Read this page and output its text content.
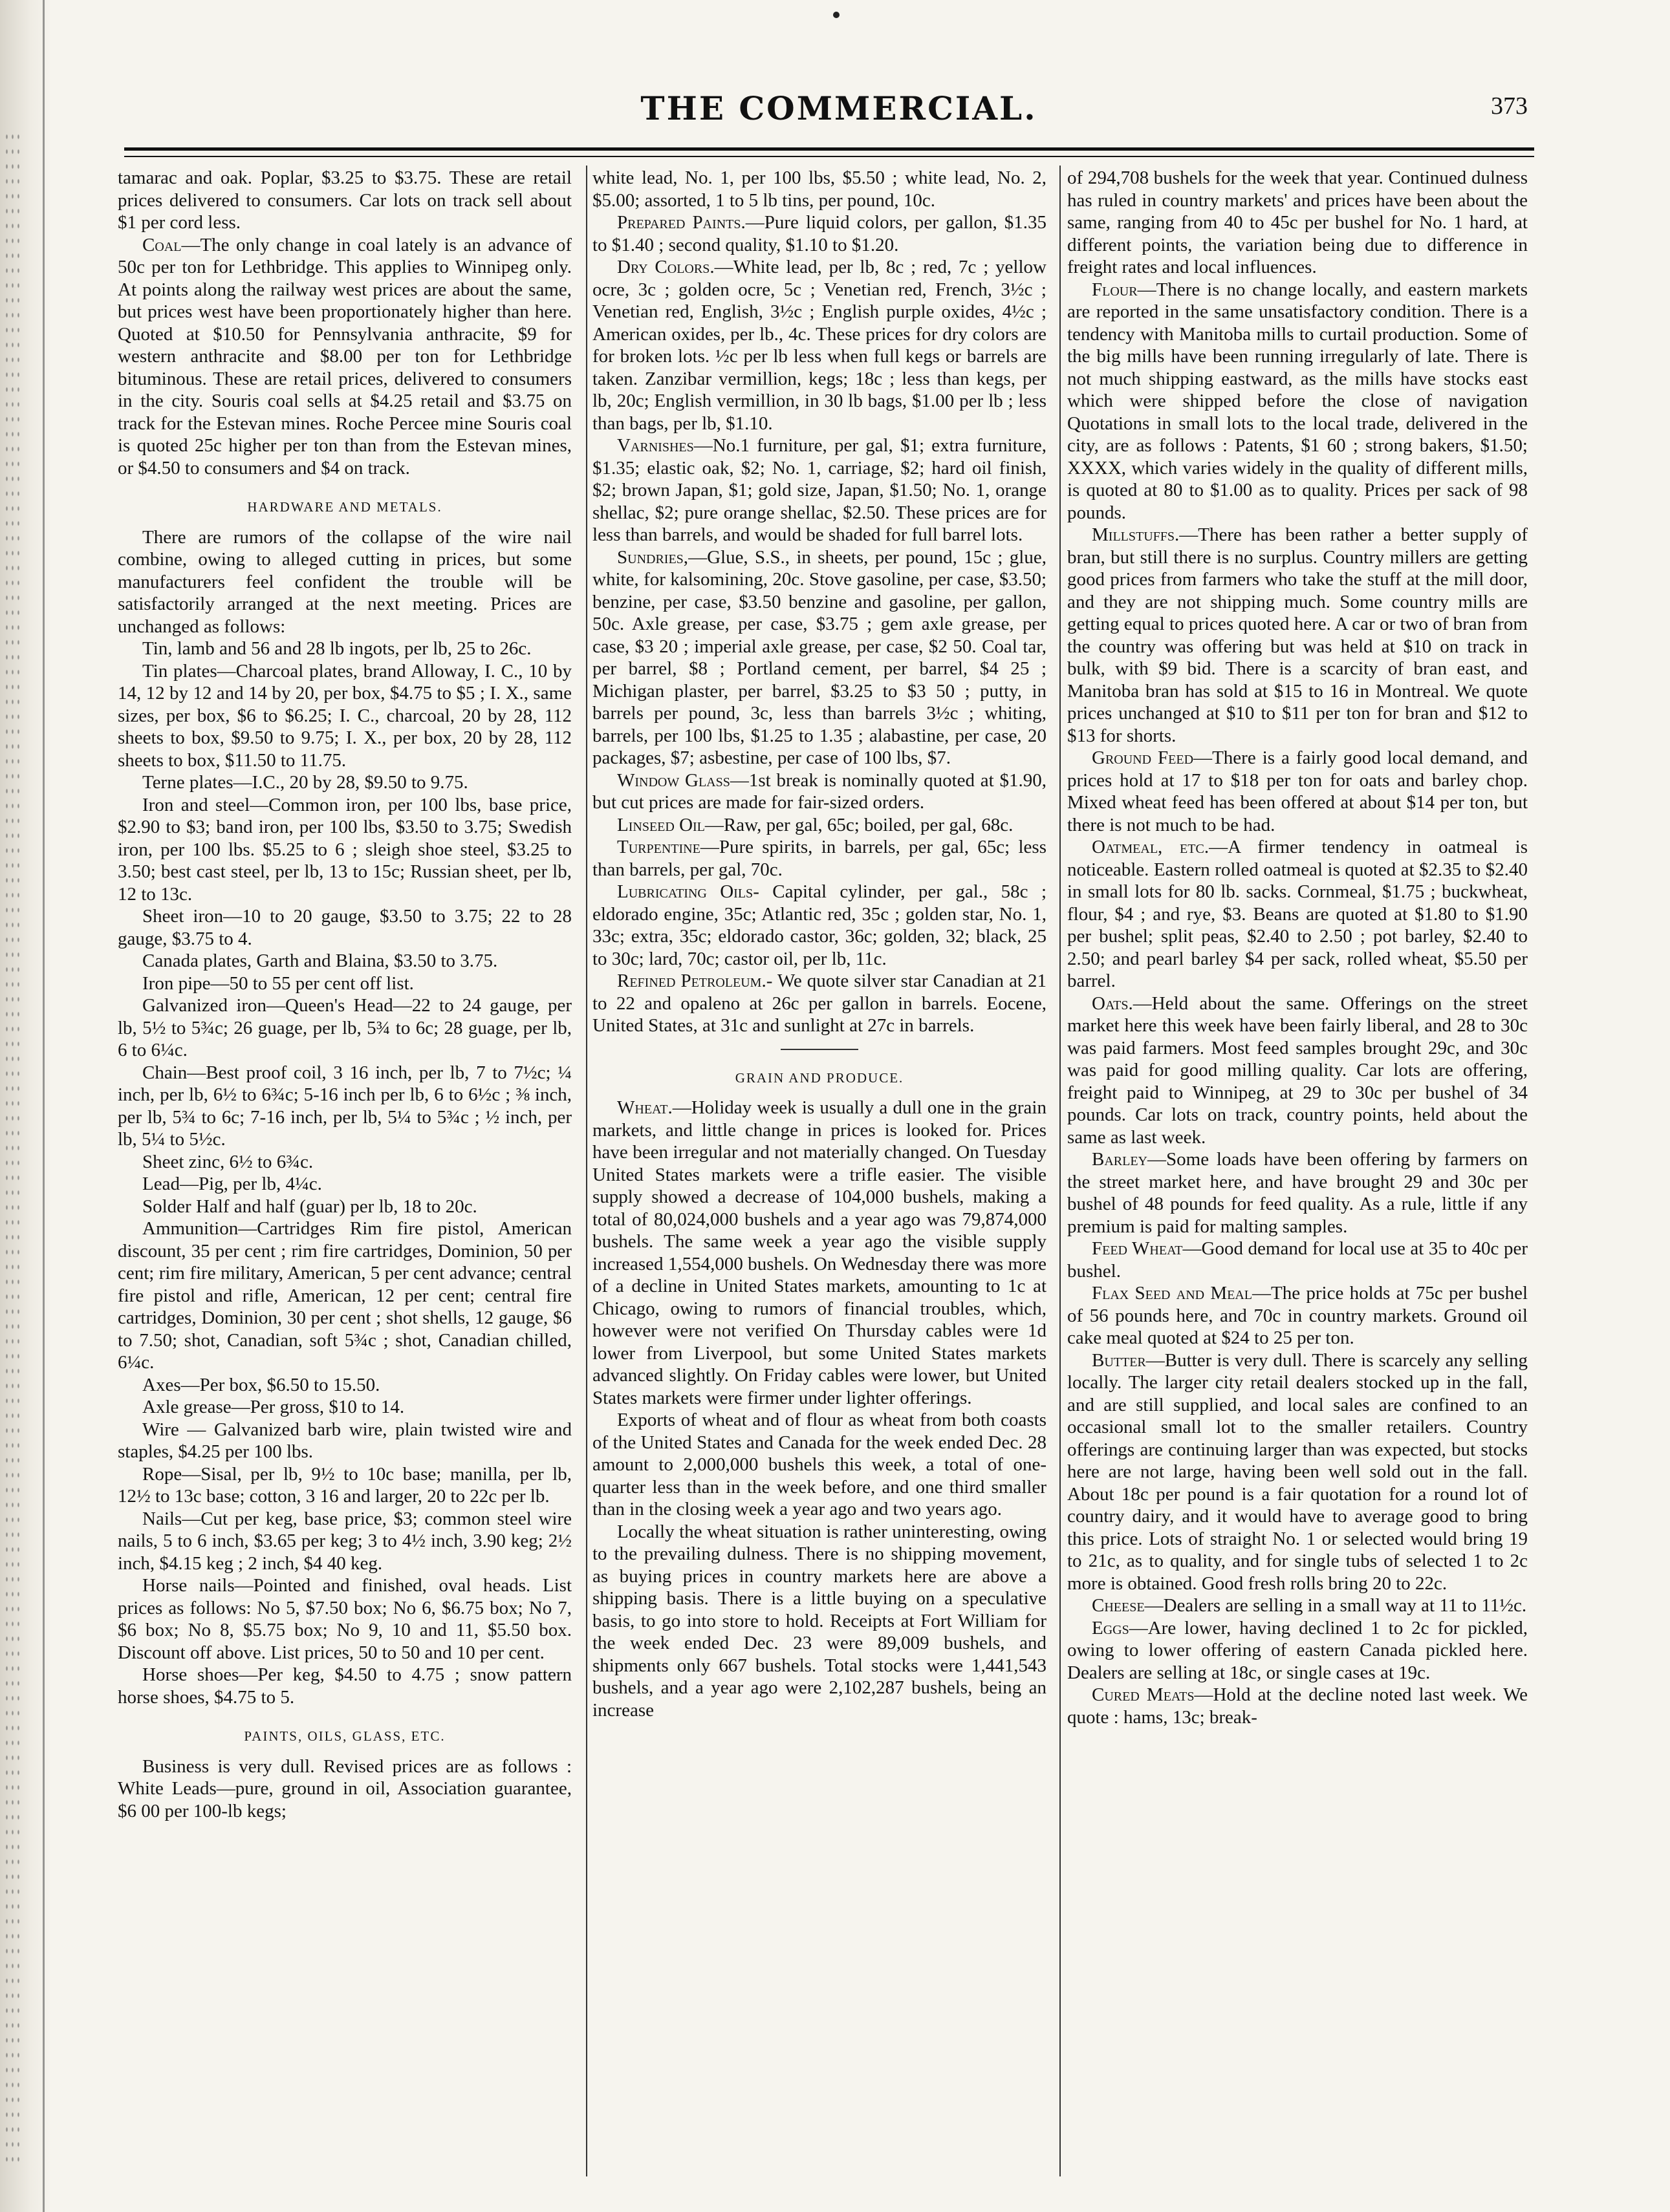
THE COMMERCIAL.	373

tamarac and oak. Poplar, $3.25 to $3.75. These are retail prices delivered to consumers. Car lots on track sell about $1 per cord less.

Coal—The only change in coal lately is an advance of 50c per ton for Lethbridge. This applies to Winnipeg only. At points along the railway west prices are about the same, but prices west have been proportionately higher than here. Quoted at $10.50 for Pennsylvania anthracite, $9 for western anthracite and $8.00 per ton for Lethbridge bituminous. These are retail prices, delivered to consumers in the city. Souris coal sells at $4.25 retail and $3.75 on track for the Estevan mines. Roche Percee mine Souris coal is quoted 25c higher per ton than from the Estevan mines, or $4.50 to consumers and $4 on track.

HARDWARE AND METALS.

There are rumors of the collapse of the wire nail combine, owing to alleged cutting in prices, but some manufacturers feel confident the trouble will be satisfactorily arranged at the next meeting. Prices are unchanged as follows:

Tin, lamb and 56 and 28 lb ingots, per lb, 25 to 26c.

Tin plates—Charcoal plates, brand Alloway, I. C., 10 by 14, 12 by 12 and 14 by 20, per box, $4.75 to $5 ; I. X., same sizes, per box, $6 to $6.25; I. C., charcoal, 20 by 28, 112 sheets to box, $9.50 to 9.75; I. X., per box, 20 by 28, 112 sheets to box, $11.50 to 11.75.

Terne plates—I.C., 20 by 28, $9.50 to 9.75.

Iron and steel—Common iron, per 100 lbs, base price, $2.90 to $3; band iron, per 100 lbs, $3.50 to 3.75; Swedish iron, per 100 lbs. $5.25 to 6 ; sleigh shoe steel, $3.25 to 3.50; best cast steel, per lb, 13 to 15c; Russian sheet, per lb, 12 to 13c.

Sheet iron—10 to 20 gauge, $3.50 to 3.75; 22 to 28 gauge, $3.75 to 4.

Canada plates, Garth and Blaina, $3.50 to 3.75.

Iron pipe—50 to 55 per cent off list.

Galvanized iron—Queen's Head—22 to 24 gauge, per lb, 5½ to 5¾c; 26 guage, per lb, 5¾ to 6c; 28 guage, per lb, 6 to 6¼c.

Chain—Best proof coil, 3 16 inch, per lb, 7 to 7½c; ¼ inch, per lb, 6½ to 6¾c; 5-16 inch per lb, 6 to 6½c ; ⅜ inch, per lb, 5¾ to 6c; 7-16 inch, per lb, 5¼ to 5¾c ; ½ inch, per lb, 5¼ to 5½c.

Sheet zinc, 6½ to 6¾c.

Lead—Pig, per lb, 4¼c.

Solder Half and half (guar) per lb, 18 to 20c.

Ammunition—Cartridges Rim fire pistol, American discount, 35 per cent ; rim fire cartridges, Dominion, 50 per cent; rim fire military, American, 5 per cent advance; central fire pistol and rifle, American, 12 per cent; central fire cartridges, Dominion, 30 per cent ; shot shells, 12 gauge, $6 to 7.50; shot, Canadian, soft 5¾c ; shot, Canadian chilled, 6¼c.

Axes—Per box, $6.50 to 15.50.

Axle grease—Per gross, $10 to 14.

Wire — Galvanized barb wire, plain twisted wire and staples, $4.25 per 100 lbs.

Rope—Sisal, per lb, 9½ to 10c base; manilla, per lb, 12½ to 13c base; cotton, 3 16 and larger, 20 to 22c per lb.

Nails—Cut per keg, base price, $3; common steel wire nails, 5 to 6 inch, $3.65 per keg; 3 to 4½ inch, 3.90 keg; 2½ inch, $4.15 keg ; 2 inch, $4 40 keg.

Horse nails—Pointed and finished, oval heads. List prices as follows: No 5, $7.50 box; No 6, $6.75 box; No 7, $6 box; No 8, $5.75 box; No 9, 10 and 11, $5.50 box. Discount off above. List prices, 50 to 50 and 10 per cent.

Horse shoes—Per keg, $4.50 to 4.75 ; snow pattern horse shoes, $4.75 to 5.

PAINTS, OILS, GLASS, ETC.

Business is very dull. Revised prices are as follows : White Leads—pure, ground in oil, Association guarantee, $6 00 per 100-lb kegs;

white lead, No. 1, per 100 lbs, $5.50 ; white lead, No. 2, $5.00; assorted, 1 to 5 lb tins, per pound, 10c.

Prepared Paints.—Pure liquid colors, per gallon, $1.35 to $1.40 ; second quality, $1.10 to $1.20.

Dry Colors.—White lead, per lb, 8c ; red, 7c ; yellow ocre, 3c ; golden ocre, 5c ; Venetian red, French, 3½c ; Venetian red, English, 3½c ; English purple oxides, 4½c ; American oxides, per lb., 4c. These prices for dry colors are for broken lots. ½c per lb less when full kegs or barrels are taken. Zanzibar vermillion, kegs; 18c ; less than kegs, per lb, 20c; English vermillion, in 30 lb bags, $1.00 per lb ; less than bags, per lb, $1.10.

Varnishes—No.1 furniture, per gal, $1; extra furniture, $1.35; elastic oak, $2; No. 1, carriage, $2; hard oil finish, $2; brown Japan, $1; gold size, Japan, $1.50; No. 1, orange shellac, $2; pure orange shellac, $2.50. These prices are for less than barrels, and would be shaded for full barrel lots.

Sundries,—Glue, S.S., in sheets, per pound, 15c ; glue, white, for kalsomining, 20c. Stove gasoline, per case, $3.50; benzine, per case, $3.50 benzine and gasoline, per gallon, 50c. Axle grease, per case, $3.75 ; gem axle grease, per case, $3 20 ; imperial axle grease, per case, $2 50. Coal tar, per barrel, $8 ; Portland cement, per barrel, $4 25 ; Michigan plaster, per barrel, $3.25 to $3 50 ; putty, in barrels per pound, 3c, less than barrels 3½c ; whiting, barrels, per 100 lbs, $1.25 to 1.35 ; alabastine, per case, 20 packages, $7; asbestine, per case of 100 lbs, $7.

Window Glass—1st break is nominally quoted at $1.90, but cut prices are made for fair-sized orders.

Linseed Oil—Raw, per gal, 65c; boiled, per gal, 68c.

Turpentine—Pure spirits, in barrels, per gal, 65c; less than barrels, per gal, 70c.

Lubricating Oils- Capital cylinder, per gal., 58c ; eldorado engine, 35c; Atlantic red, 35c ; golden star, No. 1, 33c; extra, 35c; eldorado castor, 36c; golden, 32; black, 25 to 30c; lard, 70c; castor oil, per lb, 11c.

Refined Petroleum.- We quote silver star Canadian at 21 to 22 and opaleno at 26c per gallon in barrels. Eocene, United States, at 31c and sunlight at 27c in barrels.

GRAIN AND PRODUCE.

Wheat.—Holiday week is usually a dull one in the grain markets, and little change in prices is looked for. Prices have been irregular and not materially changed. On Tuesday United States markets were a trifle easier. The visible supply showed a decrease of 104,000 bushels, making a total of 80,024,000 bushels and a year ago was 79,874,000 bushels. The same week a year ago the visible supply increased 1,554,000 bushels. On Wednesday there was more of a decline in United States markets, amounting to 1c at Chicago, owing to rumors of financial troubles, which, however were not verified On Thursday cables were 1d lower from Liverpool, but some United States markets advanced slightly. On Friday cables were lower, but United States markets were firmer under lighter offerings.

Exports of wheat and of flour as wheat from both coasts of the United States and Canada for the week ended Dec. 28 amount to 2,000,000 bushels this week, a total of one-quarter less than in the week before, and one third smaller than in the closing week a year ago and two years ago.

Locally the wheat situation is rather uninteresting, owing to the prevailing dulness. There is no shipping movement, as buying prices in country markets here are above a shipping basis. There is a little buying on a speculative basis, to go into store to hold. Receipts at Fort William for the week ended Dec. 23 were 89,009 bushels, and shipments only 667 bushels. Total stocks were 1,441,543 bushels, and a year ago were 2,102,287 bushels, being an increase

of 294,708 bushels for the week that year. Continued dulness has ruled in country markets' and prices have been about the same, ranging from 40 to 45c per bushel for No. 1 hard, at different points, the variation being due to difference in freight rates and local influences.

Flour—There is no change locally, and eastern markets are reported in the same unsatisfactory condition. There is a tendency with Manitoba mills to curtail production. Some of the big mills have been running irregularly of late. There is not much shipping eastward, as the mills have stocks east which were shipped before the close of navigation Quotations in small lots to the local trade, delivered in the city, are as follows : Patents, $1 60 ; strong bakers, $1.50; XXXX, which varies widely in the quality of different mills, is quoted at 80 to $1.00 as to quality. Prices per sack of 98 pounds.

Millstuffs.—There has been rather a better supply of bran, but still there is no surplus. Country millers are getting good prices from farmers who take the stuff at the mill door, and they are not shipping much. Some country mills are getting equal to prices quoted here. A car or two of bran from the country was offering but was held at $10 on track in bulk, with $9 bid. There is a scarcity of bran east, and Manitoba bran has sold at $15 to 16 in Montreal. We quote prices unchanged at $10 to $11 per ton for bran and $12 to $13 for shorts.

Ground Feed—There is a fairly good local demand, and prices hold at 17 to $18 per ton for oats and barley chop. Mixed wheat feed has been offered at about $14 per ton, but there is not much to be had.

Oatmeal, etc.—A firmer tendency in oatmeal is noticeable. Eastern rolled oatmeal is quoted at $2.35 to $2.40 in small lots for 80 lb. sacks. Cornmeal, $1.75 ; buckwheat, flour, $4 ; and rye, $3. Beans are quoted at $1.80 to $1.90 per bushel; split peas, $2.40 to 2.50 ; pot barley, $2.40 to 2.50; and pearl barley $4 per sack, rolled wheat, $5.50 per barrel.

Oats.—Held about the same. Offerings on the street market here this week have been fairly liberal, and 28 to 30c was paid farmers. Most feed samples brought 29c, and 30c was paid for good milling quality. Car lots are offering, freight paid to Winnipeg, at 29 to 30c per bushel of 34 pounds. Car lots on track, country points, held about the same as last week.

Barley—Some loads have been offering by farmers on the street market here, and have brought 29 and 30c per bushel of 48 pounds for feed quality. As a rule, little if any premium is paid for malting samples.

Feed Wheat—Good demand for local use at 35 to 40c per bushel.

Flax Seed and Meal—The price holds at 75c per bushel of 56 pounds here, and 70c in country markets. Ground oil cake meal quoted at $24 to 25 per ton.

Butter—Butter is very dull. There is scarcely any selling locally. The larger city retail dealers stocked up in the fall, and are still supplied, and local sales are confined to an occasional small lot to the smaller retailers. Country offerings are continuing larger than was expected, but stocks here are not large, having been well sold out in the fall. About 18c per pound is a fair quotation for a round lot of country dairy, and it would have to average good to bring this price. Lots of straight No. 1 or selected would bring 19 to 21c, as to quality, and for single tubs of selected 1 to 2c more is obtained. Good fresh rolls bring 20 to 22c.

Cheese—Dealers are selling in a small way at 11 to 11½c.

Eggs—Are lower, having declined 1 to 2c for pickled, owing to lower offering of eastern Canada pickled here. Dealers are selling at 18c, or single cases at 19c.

Cured Meats—Hold at the decline noted last week. We quote : hams, 13c; break-
